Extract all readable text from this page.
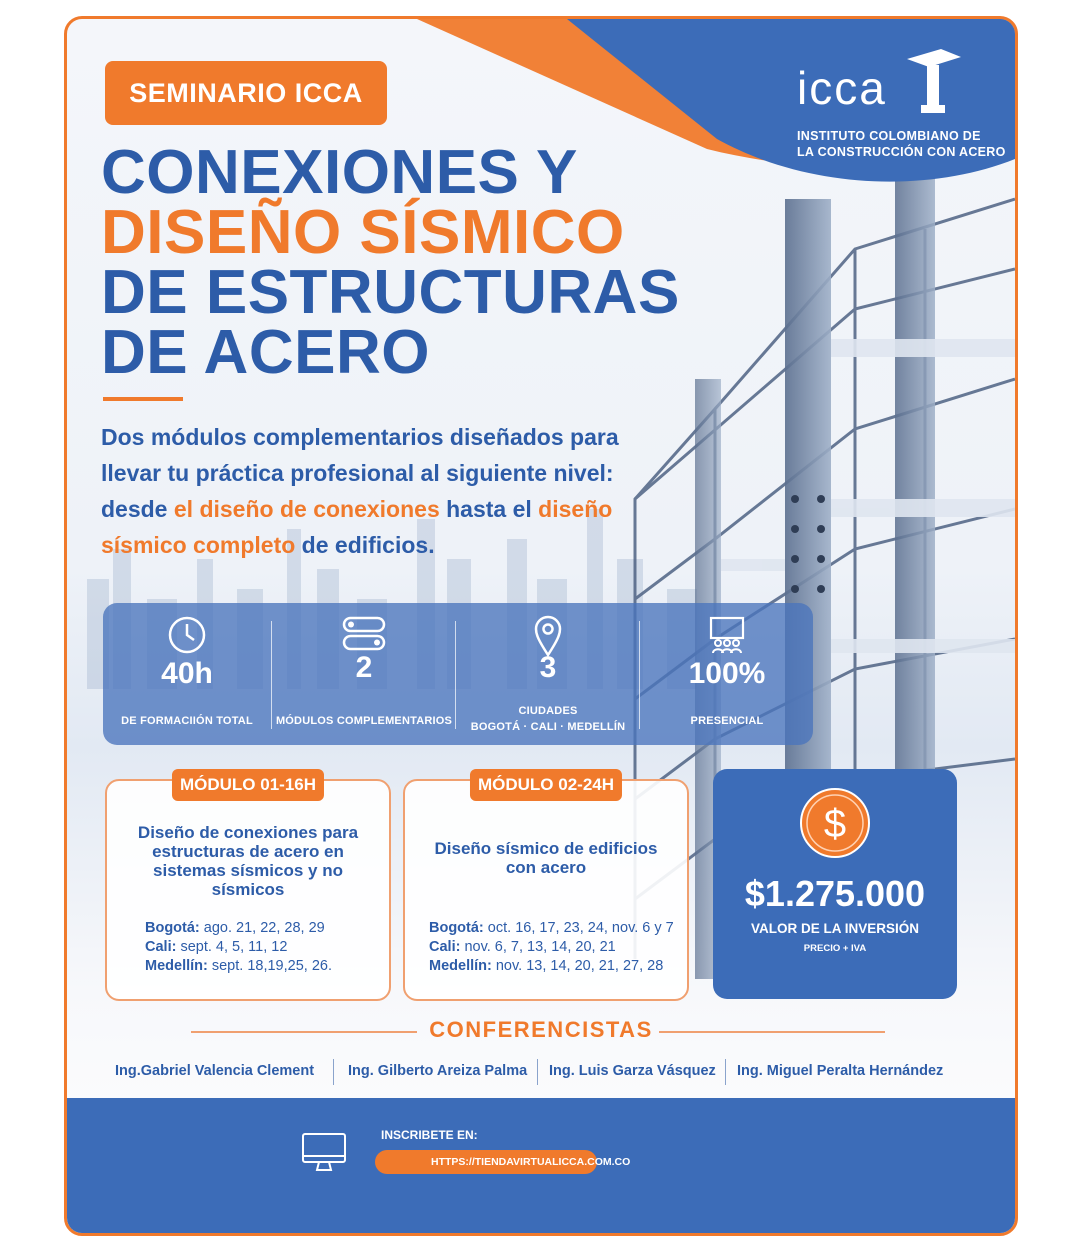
SEMINARIO ICCA	icca
INSTITUTO COLOMBIANO DE
LA CONSTRUCCIÓN CON ACERO
CONEXIONES Y
DISEÑO SÍSMICO
DE ESTRUCTURAS
DE ACERO
Dos módulos complementarios diseñados para llevar tu práctica profesional al siguiente nivel: desde el diseño de conexiones hasta el diseño sísmico completo de edificios.
40h
DE FORMACIIÓN TOTAL
2
MÓDULOS COMPLEMENTARIOS
3
CIUDADES
BOGOTÁ · CALI · MEDELLÍN
100%
PRESENCIAL
MÓDULO 01-16H
Diseño de conexiones para estructuras de acero en sistemas sísmicos y no sísmicos
Bogotá: ago. 21, 22, 28, 29
Cali: sept. 4, 5, 11, 12
Medellín: sept. 18,19,25, 26.
MÓDULO 02-24H
Diseño sísmico de edificios con acero
Bogotá: oct. 16, 17, 23, 24, nov. 6 y 7
Cali: nov. 6, 7, 13, 14, 20, 21
Medellín: nov. 13, 14, 20, 21, 27, 28
$
$1.275.000
VALOR DE LA INVERSIÓN
PRECIO + IVA
CONFERENCISTAS
Ing.Gabriel Valencia Clement Ing. Gilberto Areiza Palma Ing. Luis Garza Vásquez Ing. Miguel Peralta Hernández
INSCRIBETE EN:
HTTPS://TIENDAVIRTUALICCA.COM.CO
